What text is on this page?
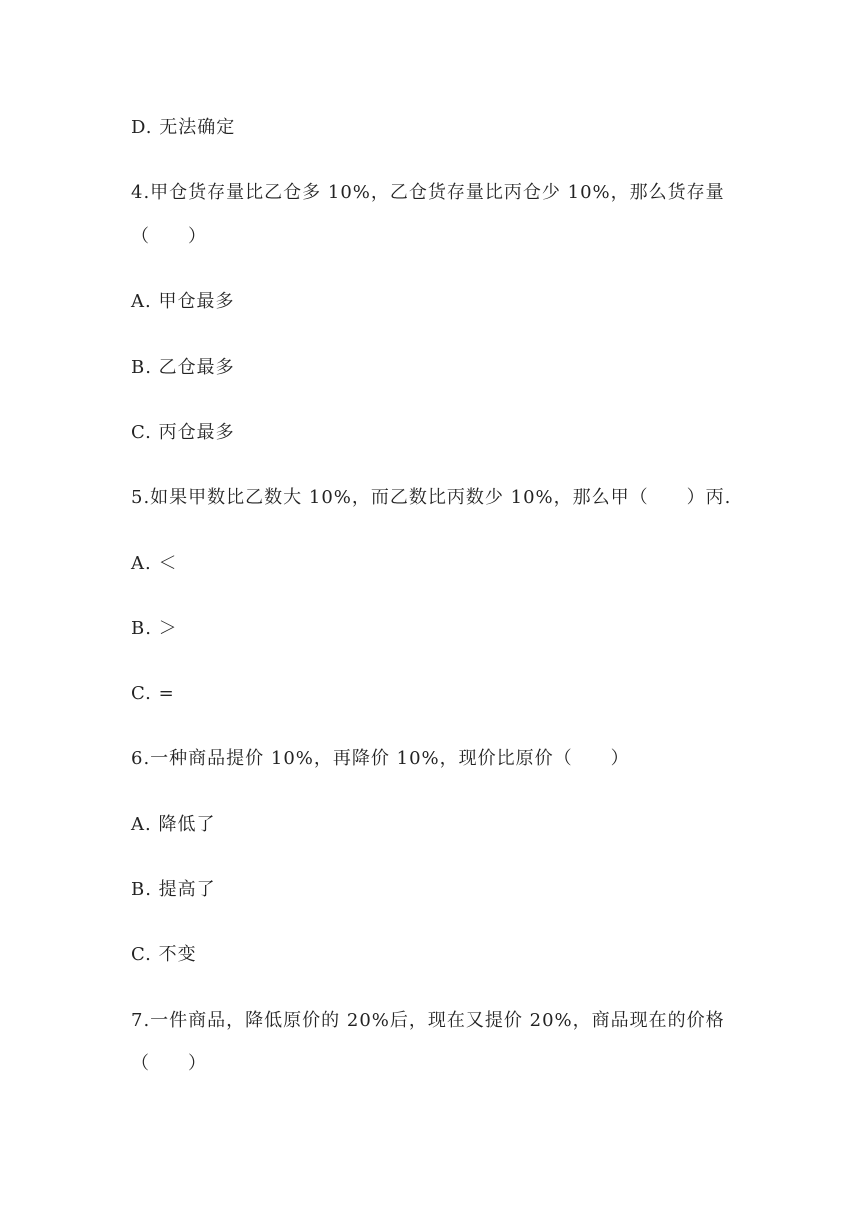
D. 无法确定
4.甲仓货存量比乙仓多 10%，乙仓货存量比丙仓少 10%，那么货存量
（　　）
A. 甲仓最多
B. 乙仓最多
C. 丙仓最多
5.如果甲数比乙数大 10%，而乙数比丙数少 10%，那么甲（　　）丙.
A. ＜
B. ＞
C. =
6.一种商品提价 10%，再降价 10%，现价比原价（　　）
A. 降低了
B. 提高了
C. 不变
7.一件商品，降低原价的 20%后，现在又提价 20%，商品现在的价格
（　　）
